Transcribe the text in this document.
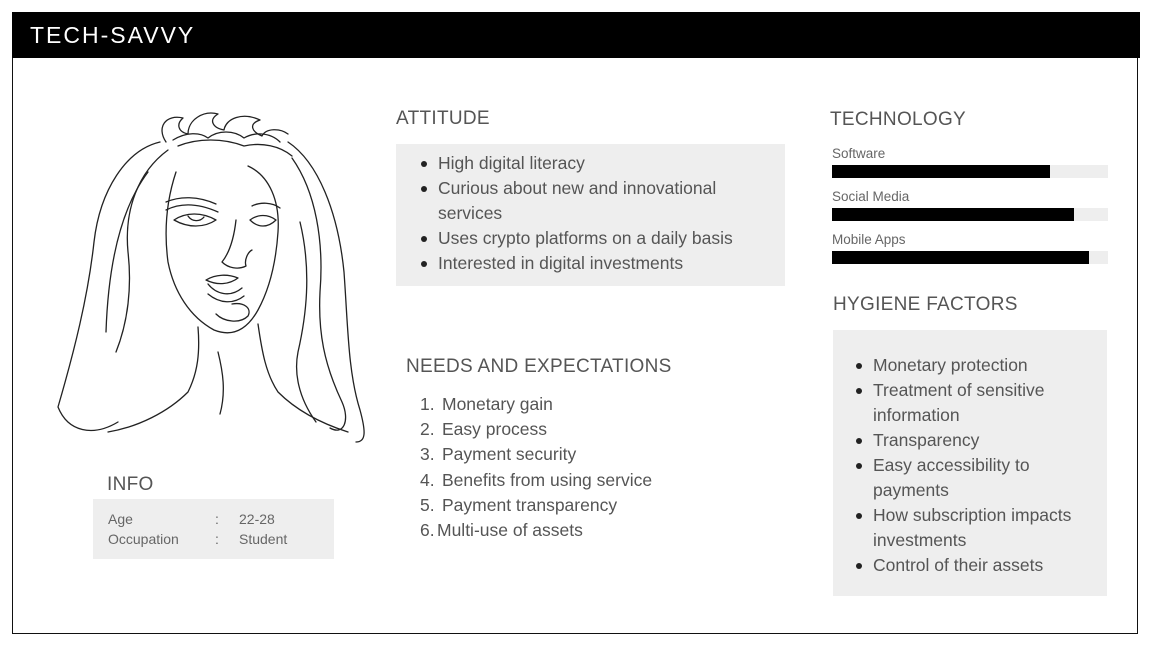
TECH-SAVVY
ATTITUDE
High digital literacy
Curious about new and innovational services
Uses crypto platforms on a daily basis
Interested in digital investments
NEEDS AND EXPECTATIONS
1. Monetary gain
2. Easy process
3. Payment security
4. Benefits from using service
5. Payment transparency
6. Multi-use of assets
INFO
Age	:	22-28
Occupation	:	Student
TECHNOLOGY
Software
Social Media
Mobile Apps
HYGIENE FACTORS
Monetary protection
Treatment of sensitive information
Transparency
Easy accessibility to payments
How subscription impacts investments
Control of their assets
